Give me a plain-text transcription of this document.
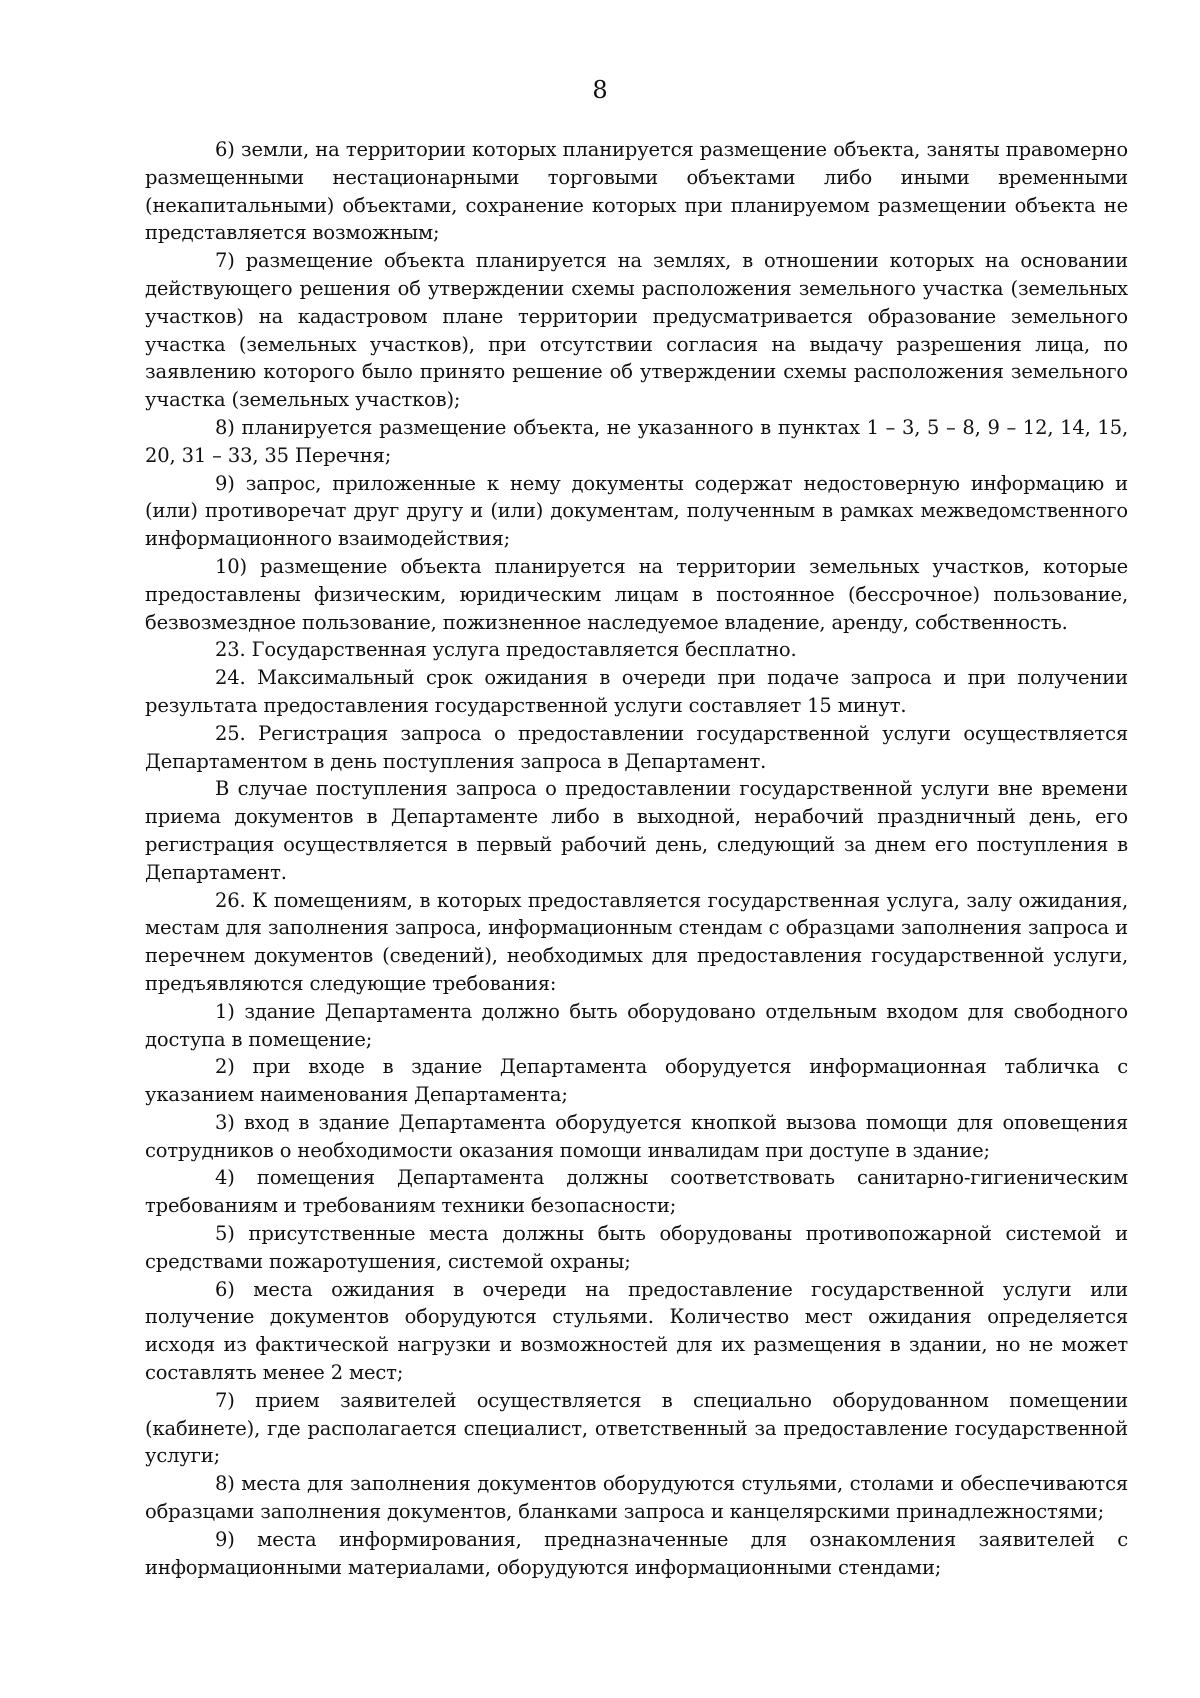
8

6) земли, на территории которых планируется размещение объекта, заняты правомерно размещенными нестационарными торговыми объектами либо иными временными (некапитальными) объектами, сохранение которых при планируемом размещении объекта не представляется возможным;

7) размещение объекта планируется на землях, в отношении которых на основании действующего решения об утверждении схемы расположения земельного участка (земельных участков) на кадастровом плане территории предусматривается образование земельного участка (земельных участков), при отсутствии согласия на выдачу разрешения лица, по заявлению которого было принято решение об утверждении схемы расположения земельного участка (земельных участков);

8) планируется размещение объекта, не указанного в пунктах 1 – 3, 5 – 8, 9 – 12, 14, 15, 20, 31 – 33, 35 Перечня;

9) запрос, приложенные к нему документы содержат недостоверную информацию и (или) противоречат друг другу и (или) документам, полученным в рамках межведомственного информационного взаимодействия;

10) размещение объекта планируется на территории земельных участков, которые предоставлены физическим, юридическим лицам в постоянное (бессрочное) пользование, безвозмездное пользование, пожизненное наследуемое владение, аренду, собственность.

23. Государственная услуга предоставляется бесплатно.

24. Максимальный срок ожидания в очереди при подаче запроса и при получении результата предоставления государственной услуги составляет 15 минут.

25. Регистрация запроса о предоставлении государственной услуги осуществляется Департаментом в день поступления запроса в Департамент.

В случае поступления запроса о предоставлении государственной услуги вне времени приема документов в Департаменте либо в выходной, нерабочий праздничный день, его регистрация осуществляется в первый рабочий день, следующий за днем его поступления в Департамент.

26. К помещениям, в которых предоставляется государственная услуга, залу ожидания, местам для заполнения запроса, информационным стендам с образцами заполнения запроса и перечнем документов (сведений), необходимых для предоставления государственной услуги, предъявляются следующие требования:

1) здание Департамента должно быть оборудовано отдельным входом для свободного доступа в помещение;

2) при входе в здание Департамента оборудуется информационная табличка с указанием наименования Департамента;

3) вход в здание Департамента оборудуется кнопкой вызова помощи для оповещения сотрудников о необходимости оказания помощи инвалидам при доступе в здание;

4) помещения Департамента должны соответствовать санитарно-гигиеническим требованиям и требованиям техники безопасности;

5) присутственные места должны быть оборудованы противопожарной системой и средствами пожаротушения, системой охраны;

6) места ожидания в очереди на предоставление государственной услуги или получение документов оборудуются стульями. Количество мест ожидания определяется исходя из фактической нагрузки и возможностей для их размещения в здании, но не может составлять менее 2 мест;

7) прием заявителей осуществляется в специально оборудованном помещении (кабинете), где располагается специалист, ответственный за предоставление государственной услуги;

8) места для заполнения документов оборудуются стульями, столами и обеспечиваются образцами заполнения документов, бланками запроса и канцелярскими принадлежностями;

9) места информирования, предназначенные для ознакомления заявителей с информационными материалами, оборудуются информационными стендами;
